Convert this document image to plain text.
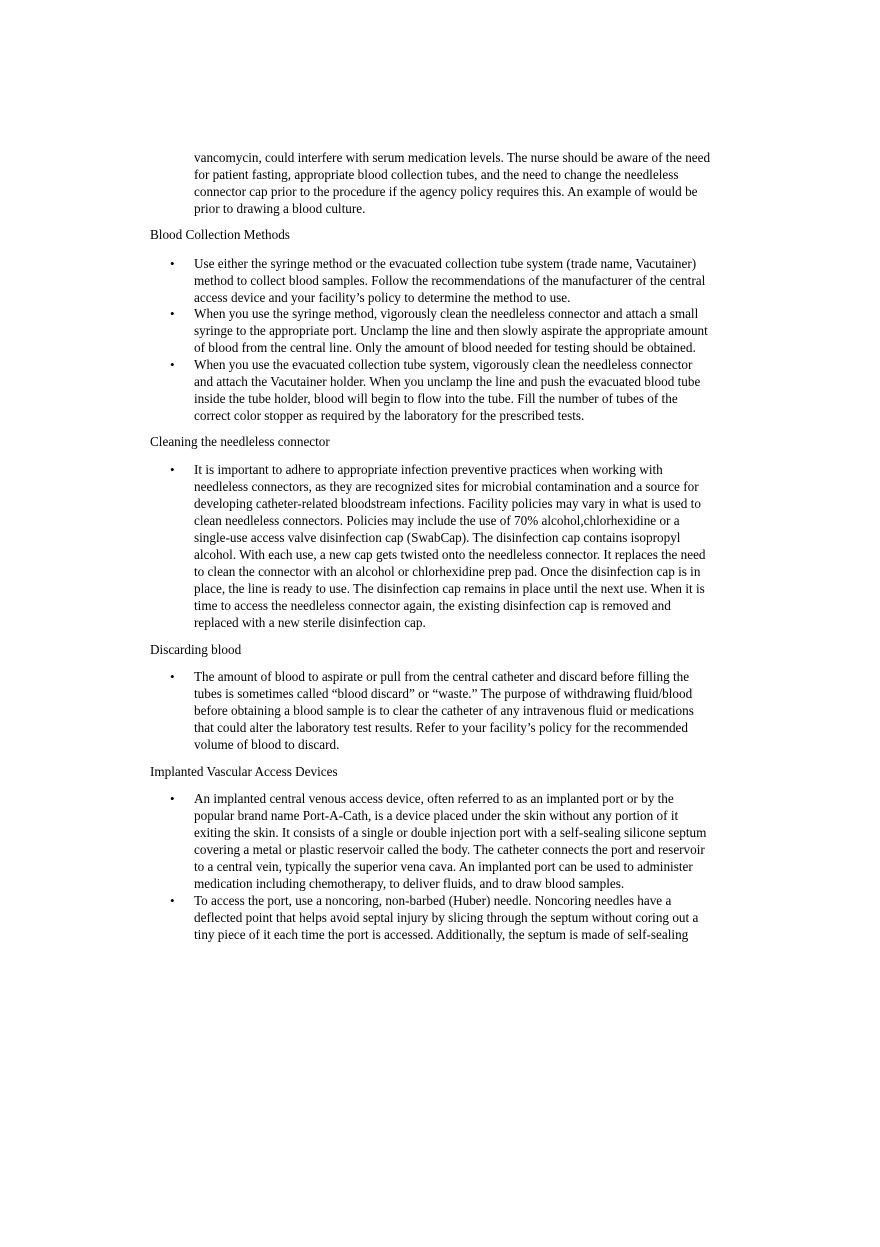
vancomycin, could interfere with serum medication levels. The nurse should be aware of the need
for patient fasting, appropriate blood collection tubes, and the need to change the needleless
connector cap prior to the procedure if the agency policy requires this. An example of would be
prior to drawing a blood culture.
Blood Collection Methods
• Use either the syringe method or the evacuated collection tube system (trade name, Vacutainer)
method to collect blood samples. Follow the recommendations of the manufacturer of the central
access device and your facility’s policy to determine the method to use.
• When you use the syringe method, vigorously clean the needleless connector and attach a small
syringe to the appropriate port. Unclamp the line and then slowly aspirate the appropriate amount
of blood from the central line. Only the amount of blood needed for testing should be obtained.
• When you use the evacuated collection tube system, vigorously clean the needleless connector
and attach the Vacutainer holder. When you unclamp the line and push the evacuated blood tube
inside the tube holder, blood will begin to flow into the tube. Fill the number of tubes of the
correct color stopper as required by the laboratory for the prescribed tests.
Cleaning the needleless connector
• It is important to adhere to appropriate infection preventive practices when working with
needleless connectors, as they are recognized sites for microbial contamination and a source for
developing catheter-related bloodstream infections. Facility policies may vary in what is used to
clean needleless connectors. Policies may include the use of 70% alcohol,chlorhexidine or a
single-use access valve disinfection cap (SwabCap). The disinfection cap contains isopropyl
alcohol. With each use, a new cap gets twisted onto the needleless connector. It replaces the need
to clean the connector with an alcohol or chlorhexidine prep pad. Once the disinfection cap is in
place, the line is ready to use. The disinfection cap remains in place until the next use. When it is
time to access the needleless connector again, the existing disinfection cap is removed and
replaced with a new sterile disinfection cap.
Discarding blood
• The amount of blood to aspirate or pull from the central catheter and discard before filling the
tubes is sometimes called “blood discard” or “waste.” The purpose of withdrawing fluid/blood
before obtaining a blood sample is to clear the catheter of any intravenous fluid or medications
that could alter the laboratory test results. Refer to your facility’s policy for the recommended
volume of blood to discard.
Implanted Vascular Access Devices
• An implanted central venous access device, often referred to as an implanted port or by the
popular brand name Port-A-Cath, is a device placed under the skin without any portion of it
exiting the skin. It consists of a single or double injection port with a self-sealing silicone septum
covering a metal or plastic reservoir called the body. The catheter connects the port and reservoir
to a central vein, typically the superior vena cava. An implanted port can be used to administer
medication including chemotherapy, to deliver fluids, and to draw blood samples.
• To access the port, use a noncoring, non-barbed (Huber) needle. Noncoring needles have a
deflected point that helps avoid septal injury by slicing through the septum without coring out a
tiny piece of it each time the port is accessed. Additionally, the septum is made of self-sealing
